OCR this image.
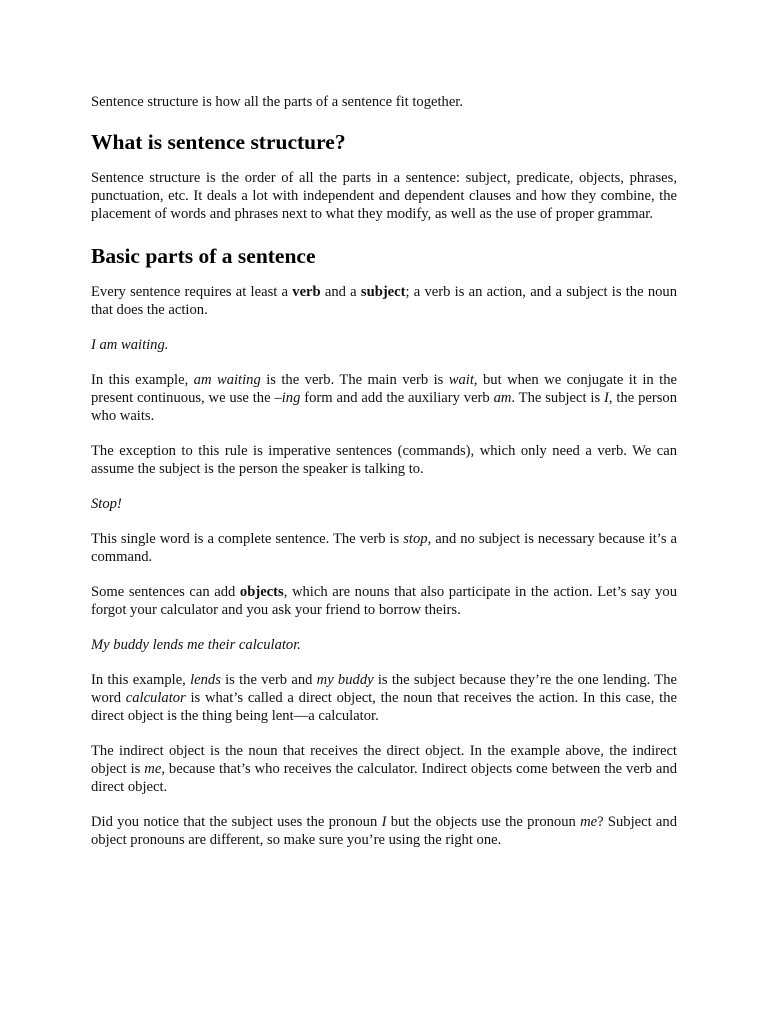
Sentence structure is how all the parts of a sentence fit together.

What is sentence structure?

Sentence structure is the order of all the parts in a sentence: subject, predicate, objects, phrases, punctuation, etc. It deals a lot with independent and dependent clauses and how they combine, the placement of words and phrases next to what they modify, as well as the use of proper grammar.

Basic parts of a sentence

Every sentence requires at least a verb and a subject; a verb is an action, and a subject is the noun that does the action.

I am waiting.

In this example, am waiting is the verb. The main verb is wait, but when we conjugate it in the present continuous, we use the –ing form and add the auxiliary verb am. The subject is I, the person who waits.

The exception to this rule is imperative sentences (commands), which only need a verb. We can assume the subject is the person the speaker is talking to.

Stop!

This single word is a complete sentence. The verb is stop, and no subject is necessary because it’s a command.

Some sentences can add objects, which are nouns that also participate in the action. Let’s say you forgot your calculator and you ask your friend to borrow theirs.

My buddy lends me their calculator.

In this example, lends is the verb and my buddy is the subject because they’re the one lending. The word calculator is what’s called a direct object, the noun that receives the action. In this case, the direct object is the thing being lent—a calculator.

The indirect object is the noun that receives the direct object. In the example above, the indirect object is me, because that’s who receives the calculator. Indirect objects come between the verb and direct object.

Did you notice that the subject uses the pronoun I but the objects use the pronoun me? Subject and object pronouns are different, so make sure you’re using the right one.
